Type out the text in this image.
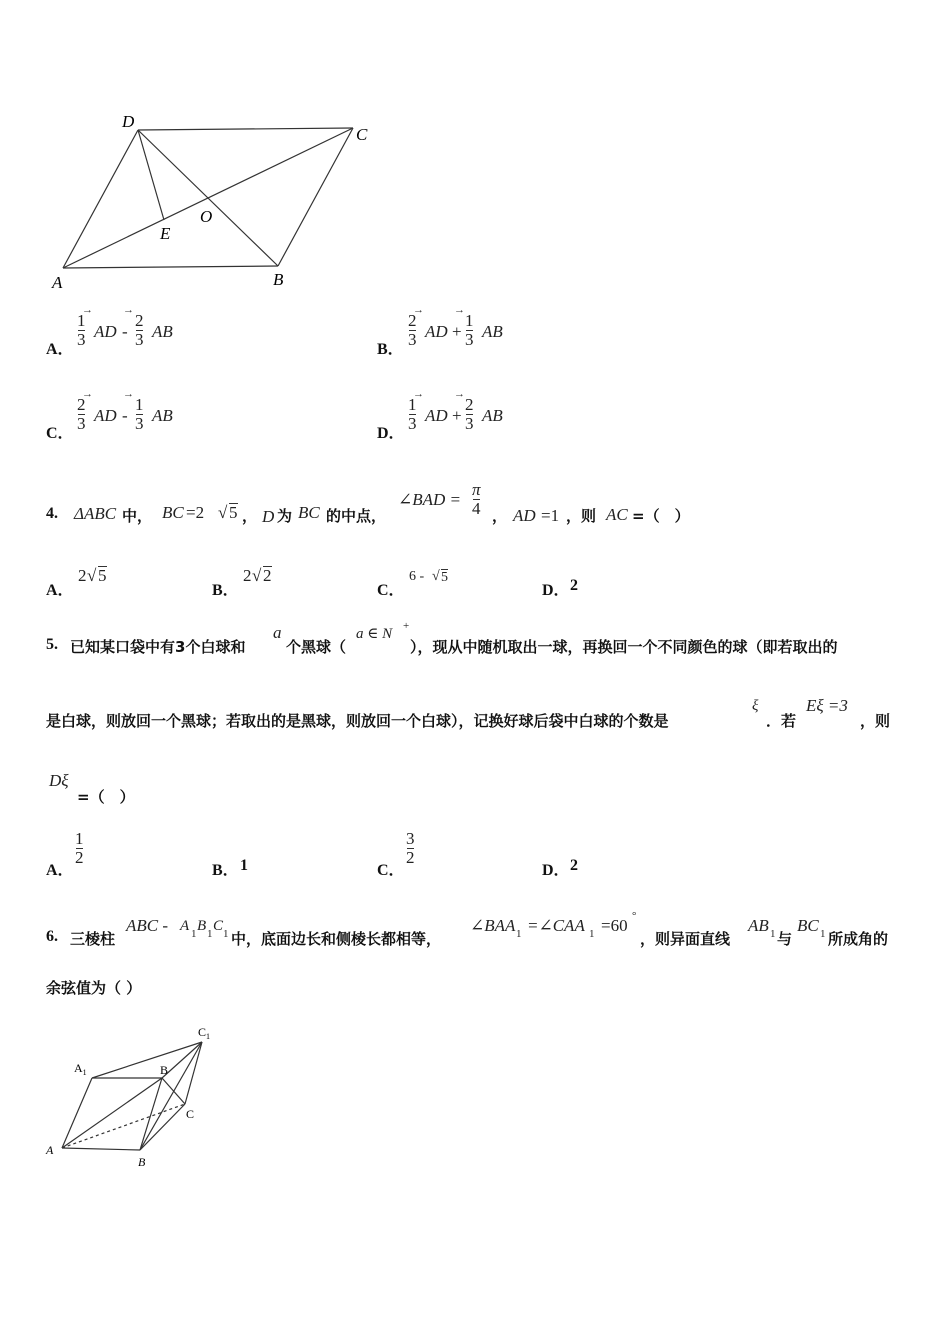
D
C
O
E
A	B
A．
→
1
3 AD -
→
2
3 AB
B．
→
2
3 AD +
→
1
3 AB
C．
→
2
3 AD -
→
1
3 AB
D．
→
1
3 AD +
→
2
3 AB
4. ΔABC 中， BC =2 √ 5 ， D 为 BC 的中点，
∠BAD =
π
4 ， AD =1 ，则 AC =（　）
A．
2 √ 5
B．
2 √ 2
C．
6 - √ 5
D． 2
5. 已知某口袋中有3个白球和
a
个黑球（
a ∈ N +
），现从中随机取出一球，再换回一个不同颜色的球（即若取出的
是白球，则放回一个黑球；若取出的是黑球，则放回一个白球），记换好球后袋中白球的个数是
ξ
．若
Eξ =3
，则
Dξ
=（　）
A．
1
2
B． 1	C．
3
2
D． 2
6. 三棱柱
ABC - A 1 B 1 C 1 中，底面边长和侧棱长都相等，
∠BAA 1 =∠CAA 1 =60 °
，则异面直线
AB 1 与
BC 1 所成角的
余弦值为（ ）
$C_1$
$A_1$	B
C
A
B
